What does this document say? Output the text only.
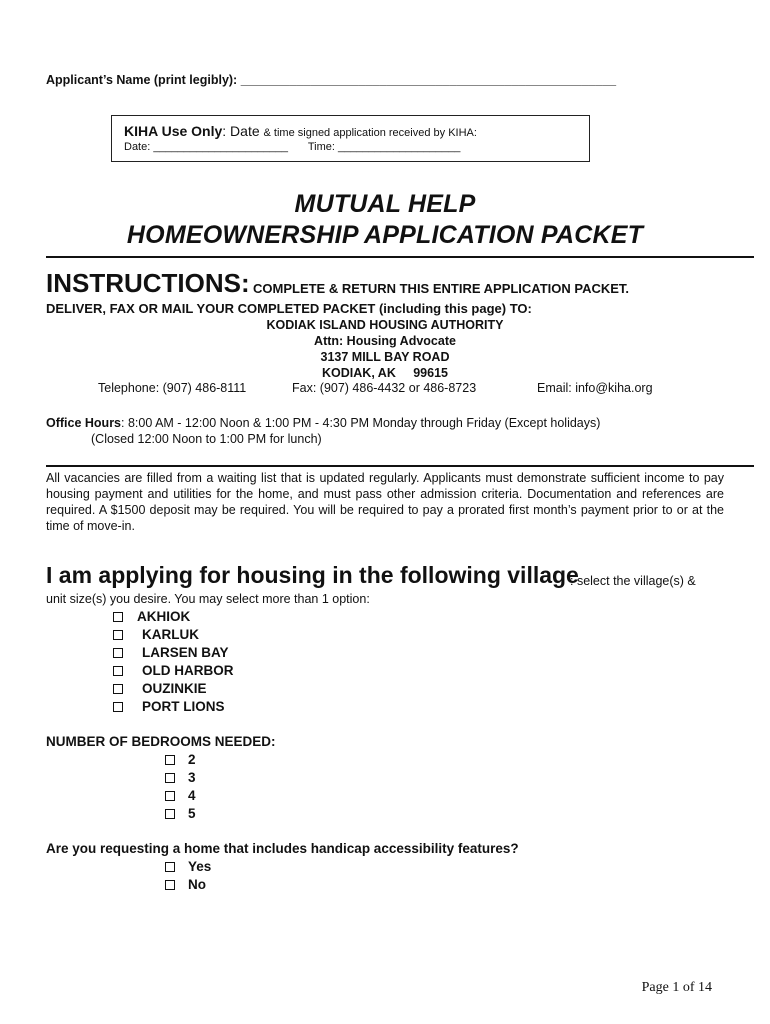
Applicant’s Name (print legibly): ______________________________________________________
KIHA Use Only: Date & time signed application received by KIHA:
Date: ______________________ Time: ____________________
MUTUAL HELP
HOMEOWNERSHIP APPLICATION PACKET
INSTRUCTIONS: COMPLETE & RETURN THIS ENTIRE APPLICATION PACKET.
DELIVER, FAX OR MAIL YOUR COMPLETED PACKET (including this page) TO:
KODIAK ISLAND HOUSING AUTHORITY
Attn: Housing Advocate
3137 MILL BAY ROAD
KODIAK, AK     99615
Telephone: (907) 486-8111	Fax: (907) 486-4432 or 486-8723	Email: info@kiha.org
Office Hours: 8:00 AM - 12:00 Noon & 1:00 PM - 4:30 PM Monday through Friday (Except holidays)
(Closed 12:00 Noon to 1:00 PM for lunch)
All vacancies are filled from a waiting list that is updated regularly. Applicants must demonstrate sufficient income to pay housing payment and utilities for the home, and must pass other admission criteria. Documentation and references are required. A $1500 deposit may be required. You will be required to pay a prorated first month’s payment prior to or at the time of move-in.
I am applying for housing in the following village
: select the village(s) &
unit size(s) you desire. You may select more than 1 option:
AKHIOK
KARLUK
LARSEN BAY
OLD HARBOR
OUZINKIE
PORT LIONS
NUMBER OF BEDROOMS NEEDED:
2
3
4
5
Are you requesting a home that includes handicap accessibility features?
Yes
No
Page 1 of 14
